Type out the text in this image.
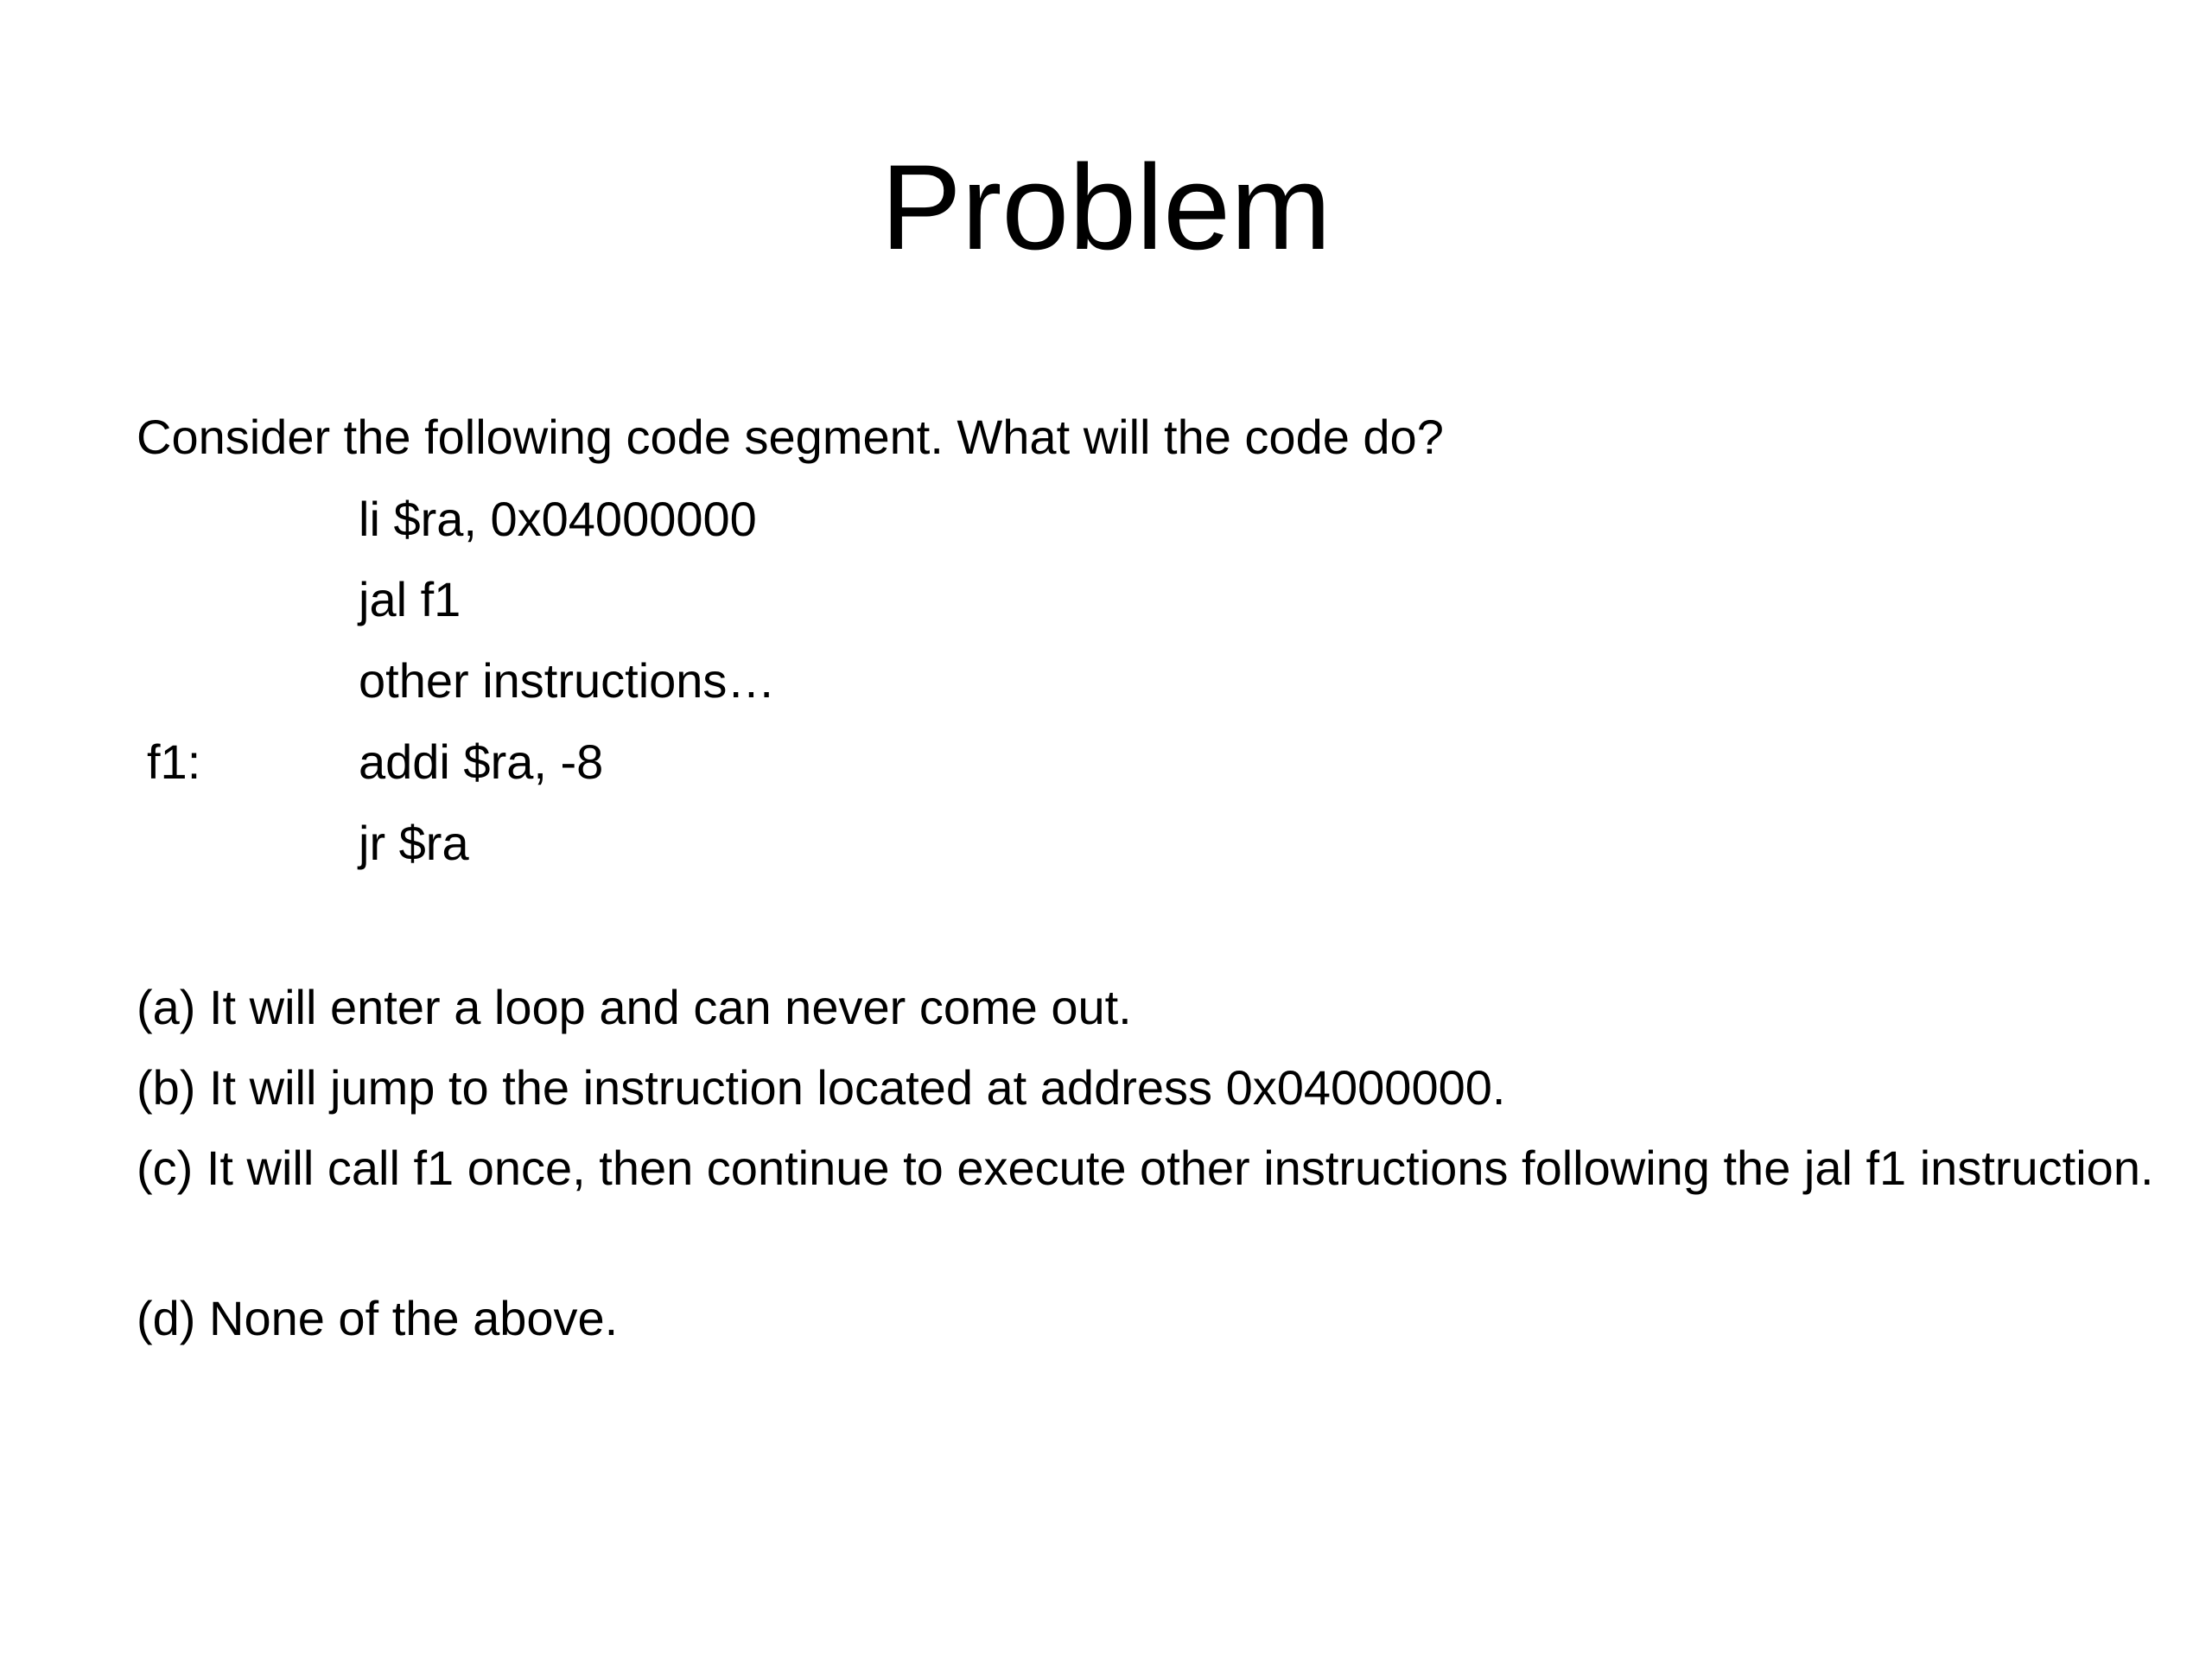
Problem

Consider the following code segment. What will the code do?

li $ra, 0x04000000

jal f1

other instructions…

f1:	addi $ra, -8

jr $ra

(a) It will enter a loop and can never come out.

(b) It will jump to the instruction located at address 0x04000000.

(c) It will call f1 once, then continue to execute other instructions following the jal f1 instruction.

(d) None of the above.
